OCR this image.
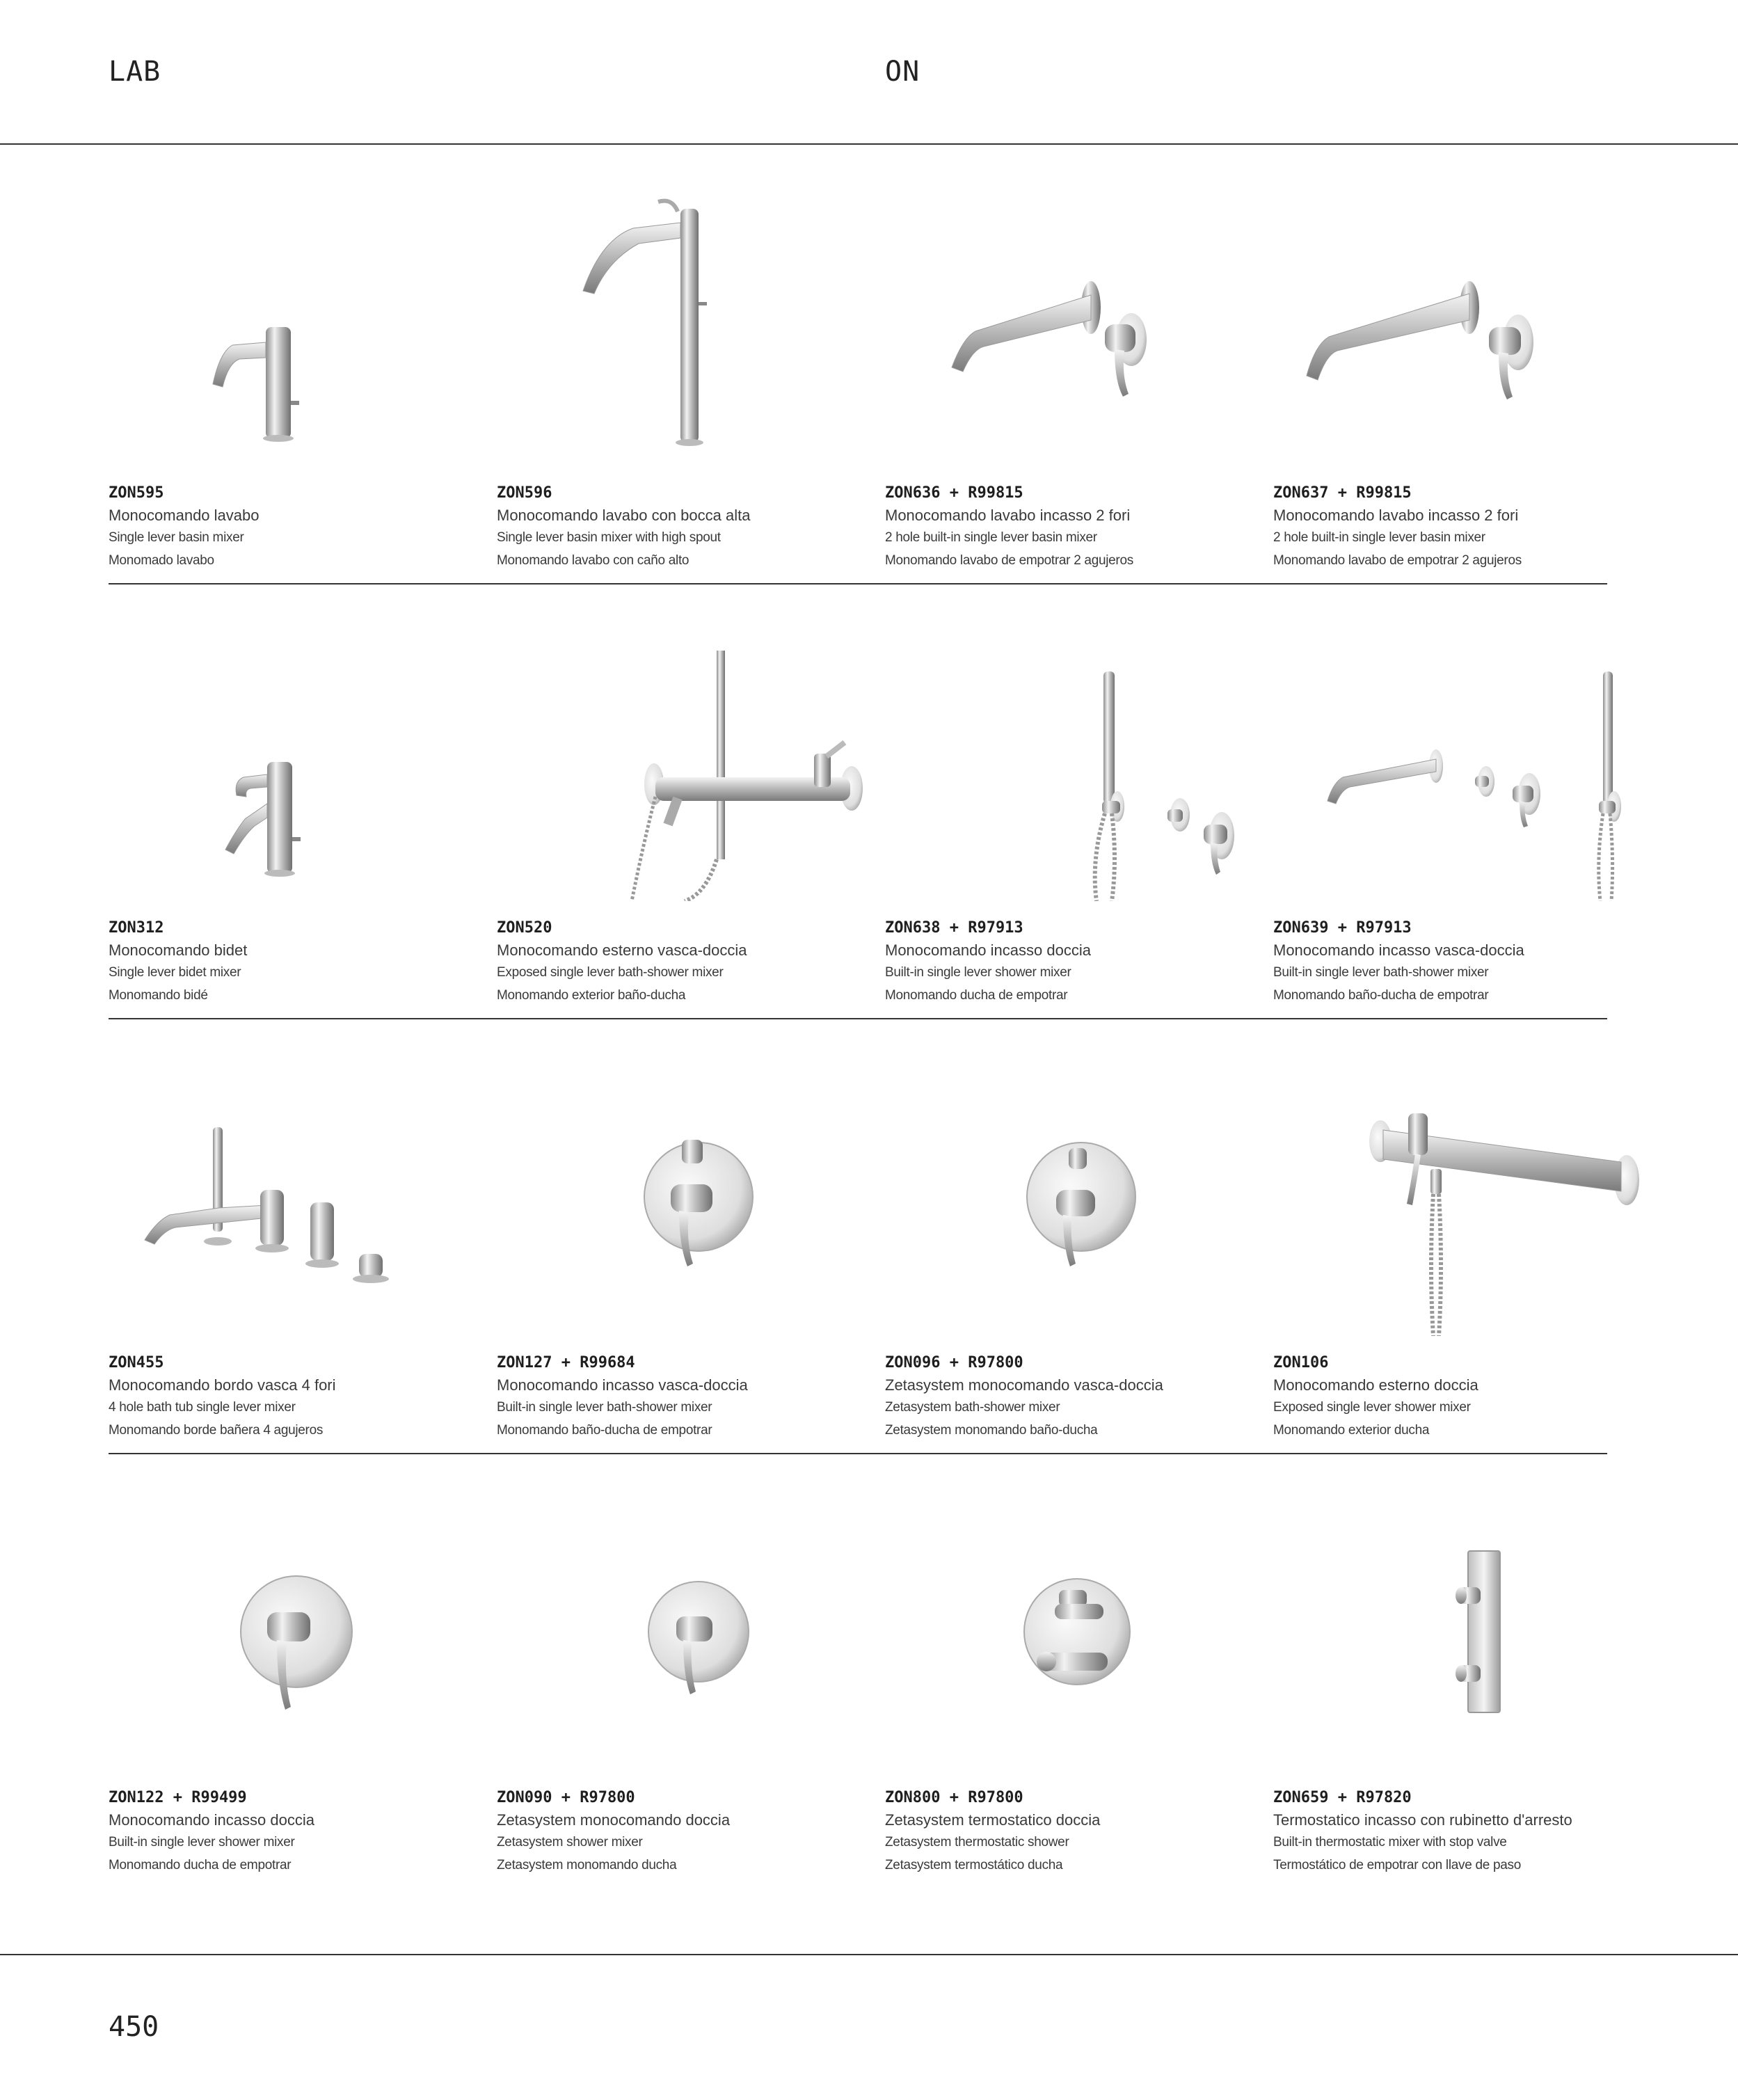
LAB	ON
ZON595
Monocomando lavabo
Single lever basin mixer
Monomado lavabo
ZON596
Monocomando lavabo con bocca alta
Single lever basin mixer with high spout
Monomando lavabo con caño alto
ZON636 + R99815
Monocomando lavabo incasso 2 fori
2 hole built-in single lever basin mixer
Monomando lavabo de empotrar 2 agujeros
ZON637 + R99815
Monocomando lavabo incasso 2 fori
2 hole built-in single lever basin mixer
Monomando lavabo de empotrar 2 agujeros
ZON312
Monocomando bidet
Single lever bidet mixer
Monomando bidé
ZON520
Monocomando esterno vasca-doccia
Exposed single lever bath-shower mixer
Monomando exterior baño-ducha
ZON638 + R97913
Monocomando incasso doccia
Built-in single lever shower mixer
Monomando ducha de empotrar
ZON639 + R97913
Monocomando incasso vasca-doccia
Built-in single lever bath-shower mixer
Monomando baño-ducha de empotrar
ZON455
Monocomando bordo vasca 4 fori
4 hole bath tub single lever mixer
Monomando borde bañera 4 agujeros
ZON127 + R99684
Monocomando incasso vasca-doccia
Built-in single lever bath-shower mixer
Monomando baño-ducha de empotrar
ZON096 + R97800
Zetasystem monocomando vasca-doccia
Zetasystem bath-shower mixer
Zetasystem monomando baño-ducha
ZON106
Monocomando esterno doccia
Exposed single lever shower mixer
Monomando exterior ducha
ZON122 + R99499
Monocomando incasso doccia
Built-in single lever shower mixer
Monomando ducha de empotrar
ZON090 + R97800
Zetasystem monocomando doccia
Zetasystem shower mixer
Zetasystem monomando ducha
ZON800 + R97800
Zetasystem termostatico doccia
Zetasystem thermostatic shower
Zetasystem termostático ducha
ZON659 + R97820
Termostatico incasso con rubinetto d'arresto
Built-in thermostatic mixer with stop valve
Termostático de empotrar con llave de paso
450
